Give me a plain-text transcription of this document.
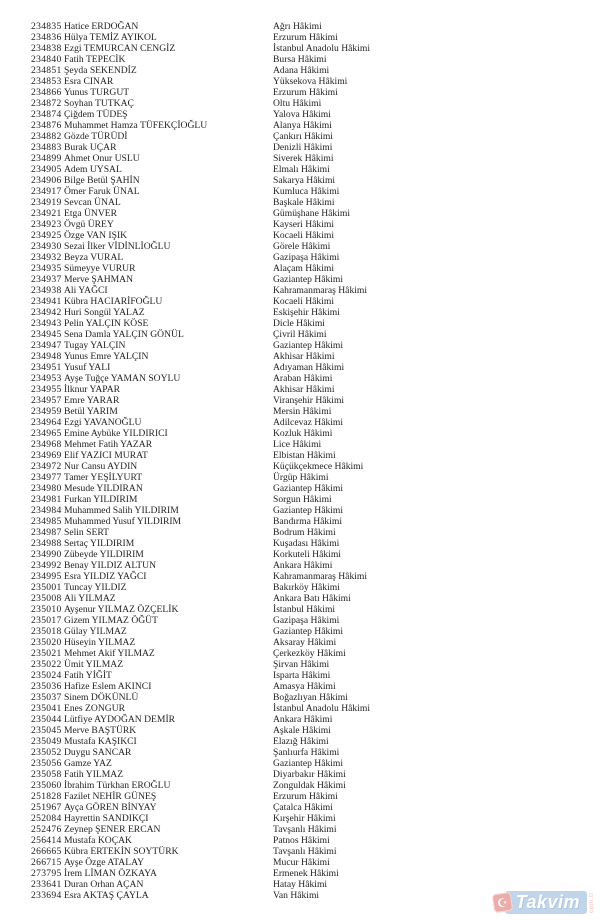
234835 Hatice ERDOĞAN	Ağrı Hâkimi
234836 Hülya TEMİZ AYIKOL	Erzurum Hâkimi
234838 Ezgi TEMURCAN CENGİZ	İstanbul Anadolu Hâkimi
234840 Fatih TEPECİK	Bursa Hâkimi
234851 Şeyda SEKENDİZ	Adana Hâkimi
234853 Esra CINAR	Yüksekova Hâkimi
234866 Yunus TURGUT	Erzurum Hâkimi
234872 Soyhan TUTKAÇ	Oltu Hâkimi
234874 Çiğdem TÜDEŞ	Yalova Hâkimi
234876 Muhammet Hamza TÜFEKÇİOĞLU	Alanya Hâkimi
234882 Gözde TÜRÜDİ	Çankırı Hâkimi
234883 Burak UÇAR	Denizli Hâkimi
234899 Ahmet Onur USLU	Siverek Hâkimi
234905 Adem UYSAL	Elmalı Hâkimi
234906 Bilge Betül ŞAHİN	Sakarya Hâkimi
234917 Ömer Faruk ÜNAL	Kumluca Hâkimi
234919 Sevcan ÜNAL	Başkale Hâkimi
234921 Etga ÜNVER	Gümüşhane Hâkimi
234923 Övgü ÜREY	Kayseri Hâkimi
234925 Özge VAN IŞIK	Kocaeli Hâkimi
234930 Sezai İlker VİDİNLİOĞLU	Görele Hâkimi
234932 Beyza VURAL	Gazipaşa Hâkimi
234935 Sümeyye VURUR	Alaçam Hâkimi
234937 Merve ŞAHMAN	Gaziantep Hâkimi
234938 Ali YAĞCI	Kahramanmaraş Hâkimi
234941 Kübra HACIARİFOĞLU	Kocaeli Hâkimi
234942 Huri Songül YALAZ	Eskişehir Hâkimi
234943 Pelin YALÇIN KÖSE	Dicle Hâkimi
234945 Sena Damla YALÇIN GÖNÜL	Çivril Hâkimi
234947 Tugay YALÇIN	Gaziantep Hâkimi
234948 Yunus Emre YALÇIN	Akhisar Hâkimi
234951 Yusuf YALI	Adıyaman Hâkimi
234953 Ayşe Tuğçe YAMAN SOYLU	Araban Hâkimi
234955 İlknur YAPAR	Akhisar Hâkimi
234957 Emre YARAR	Viranşehir Hâkimi
234959 Betül YARIM	Mersin Hâkimi
234964 Ezgi YAVANOĞLU	Adilcevaz Hâkimi
234965 Emine Aybüke YILDIRICI	Kozluk Hâkimi
234968 Mehmet Fatih YAZAR	Lice Hâkimi
234969 Elif YAZICI MURAT	Elbistan Hâkimi
234972 Nur Cansu AYDIN	Küçükçekmece Hâkimi
234977 Tamer YEŞİLYURT	Ürgüp Hâkimi
234980 Mesude YILDIRAN	Gaziantep Hâkimi
234981 Furkan YILDIRIM	Sorgun Hâkimi
234984 Muhammed Salih YILDIRIM	Gaziantep Hâkimi
234985 Muhammed Yusuf YILDIRIM	Bandırma Hâkimi
234987 Selin SERT	Bodrum Hâkimi
234988 Sertaç YILDIRIM	Kuşadası Hâkimi
234990 Zübeyde YILDIRIM	Korkuteli Hâkimi
234992 Benay YILDIZ ALTUN	Ankara Hâkimi
234995 Esra YILDIZ YAĞCI	Kahramanmaraş Hâkimi
235001 Tuncay YILDIZ	Bakırköy Hâkimi
235008 Ali YILMAZ	Ankara Batı Hâkimi
235010 Ayşenur YILMAZ ÖZÇELİK	İstanbul Hâkimi
235017 Gizem YILMAZ ÖĞÜT	Gazipaşa Hâkimi
235018 Gülay YILMAZ	Gaziantep Hâkimi
235020 Hüseyin YILMAZ	Aksaray Hâkimi
235021 Mehmet Akif YILMAZ	Çerkezköy Hâkimi
235022 Ümit YILMAZ	Şirvan Hâkimi
235024 Fatih YİĞİT	Isparta Hâkimi
235036 Hafize Eslem AKINCI	Amasya Hâkimi
235037 Sinem DÖKÜNLÜ	Boğazlıyan Hâkimi
235041 Enes ZONGUR	İstanbul Anadolu Hâkimi
235044 Lütfiye AYDOĞAN DEMİR	Ankara Hâkimi
235045 Merve BAŞTÜRK	Aşkale Hâkimi
235049 Mustafa KAŞIKCI	Elazığ Hâkimi
235052 Duygu SANCAR	Şanlıurfa Hâkimi
235056 Gamze YAZ	Gaziantep Hâkimi
235058 Fatih YILMAZ	Diyarbakır Hâkimi
235060 İbrahim Türkhan EROĞLU	Zonguldak Hâkimi
251828 Fazilet NEHİR GÜNEŞ	Erzurum Hâkimi
251967 Ayça GÖREN BİNYAY	Çatalca Hâkimi
252084 Hayrettin SANDIKÇI	Kırşehir Hâkimi
252476 Zeynep ŞENER ERCAN	Tavşanlı Hâkimi
256414 Mustafa KOÇAK	Patnos Hâkimi
266665 Kübra ERTEKİN SOYTÜRK	Tavşanlı Hâkimi
266715 Ayşe Özge ATALAY	Mucur Hâkimi
273795 İrem LİMAN ÖZKAYA	Ermenek Hâkimi
233641 Duran Orhan AÇAN	Hatay Hâkimi
233694 Esra AKTAŞ ÇAYLA	Van Hâkimi	☪ Takvim	com.tr
